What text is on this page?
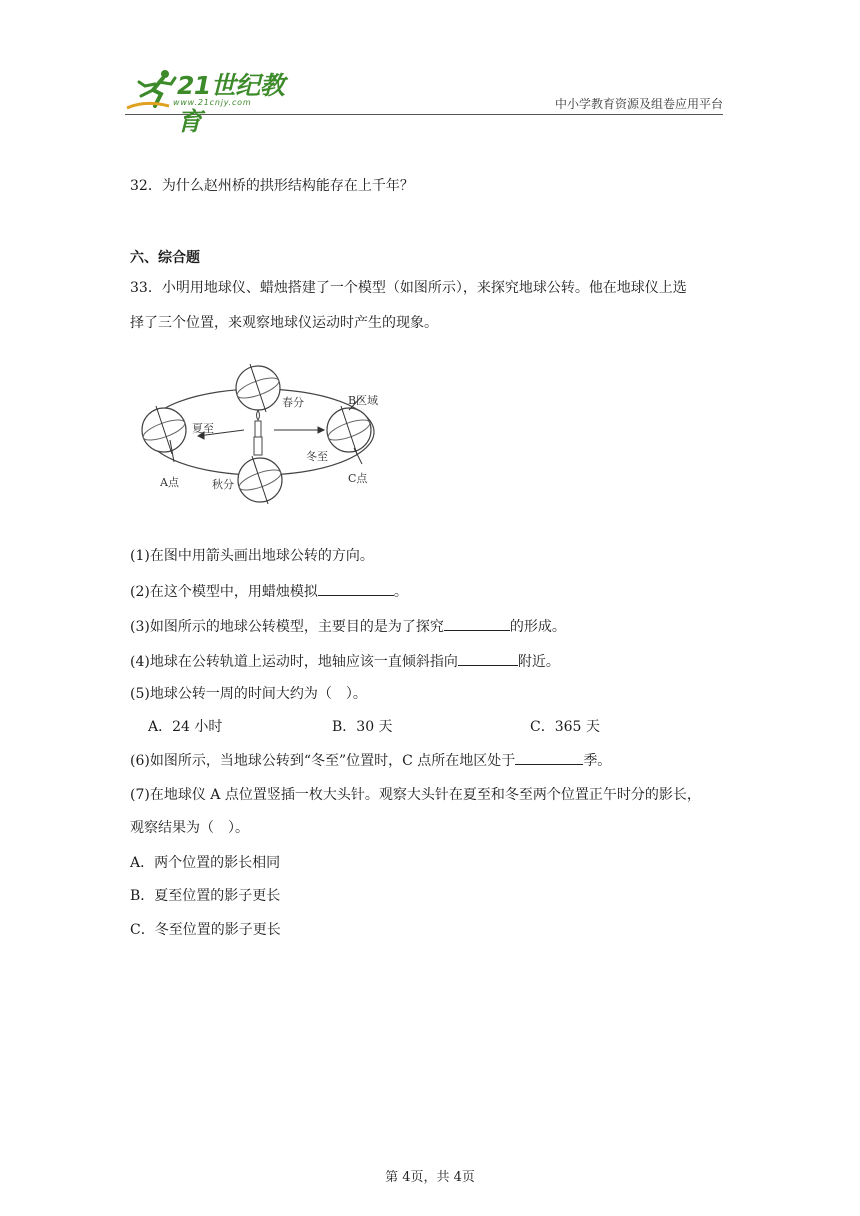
21世纪教育
www.21cnjy.com	中小学教育资源及组卷应用平台
32．为什么赵州桥的拱形结构能存在上千年？
六、综合题
33．小明用地球仪、蜡烛搭建了一个模型（如图所示），来探究地球公转。他在地球仪上选
择了三个位置，来观察地球仪运动时产生的现象。
春分
夏至
秋分
冬至
B区域
A点	C点
(1)在图中用箭头画出地球公转的方向。
(2)在这个模型中，用蜡烛模拟	。
(3)如图所示的地球公转模型，主要目的是为了探究	的形成。
(4)地球在公转轨道上运动时，地轴应该一直倾斜指向	附近。
(5)地球公转一周的时间大约为（　）。
A．24 小时	B．30 天	C．365 天
(6)如图所示，当地球公转到“冬至”位置时，C 点所在地区处于	季。
(7)在地球仪 A 点位置竖插一枚大头针。观察大头针在夏至和冬至两个位置正午时分的影长，
观察结果为（　）。
A．两个位置的影长相同
B．夏至位置的影子更长
C．冬至位置的影子更长
第 4页，共 4页
